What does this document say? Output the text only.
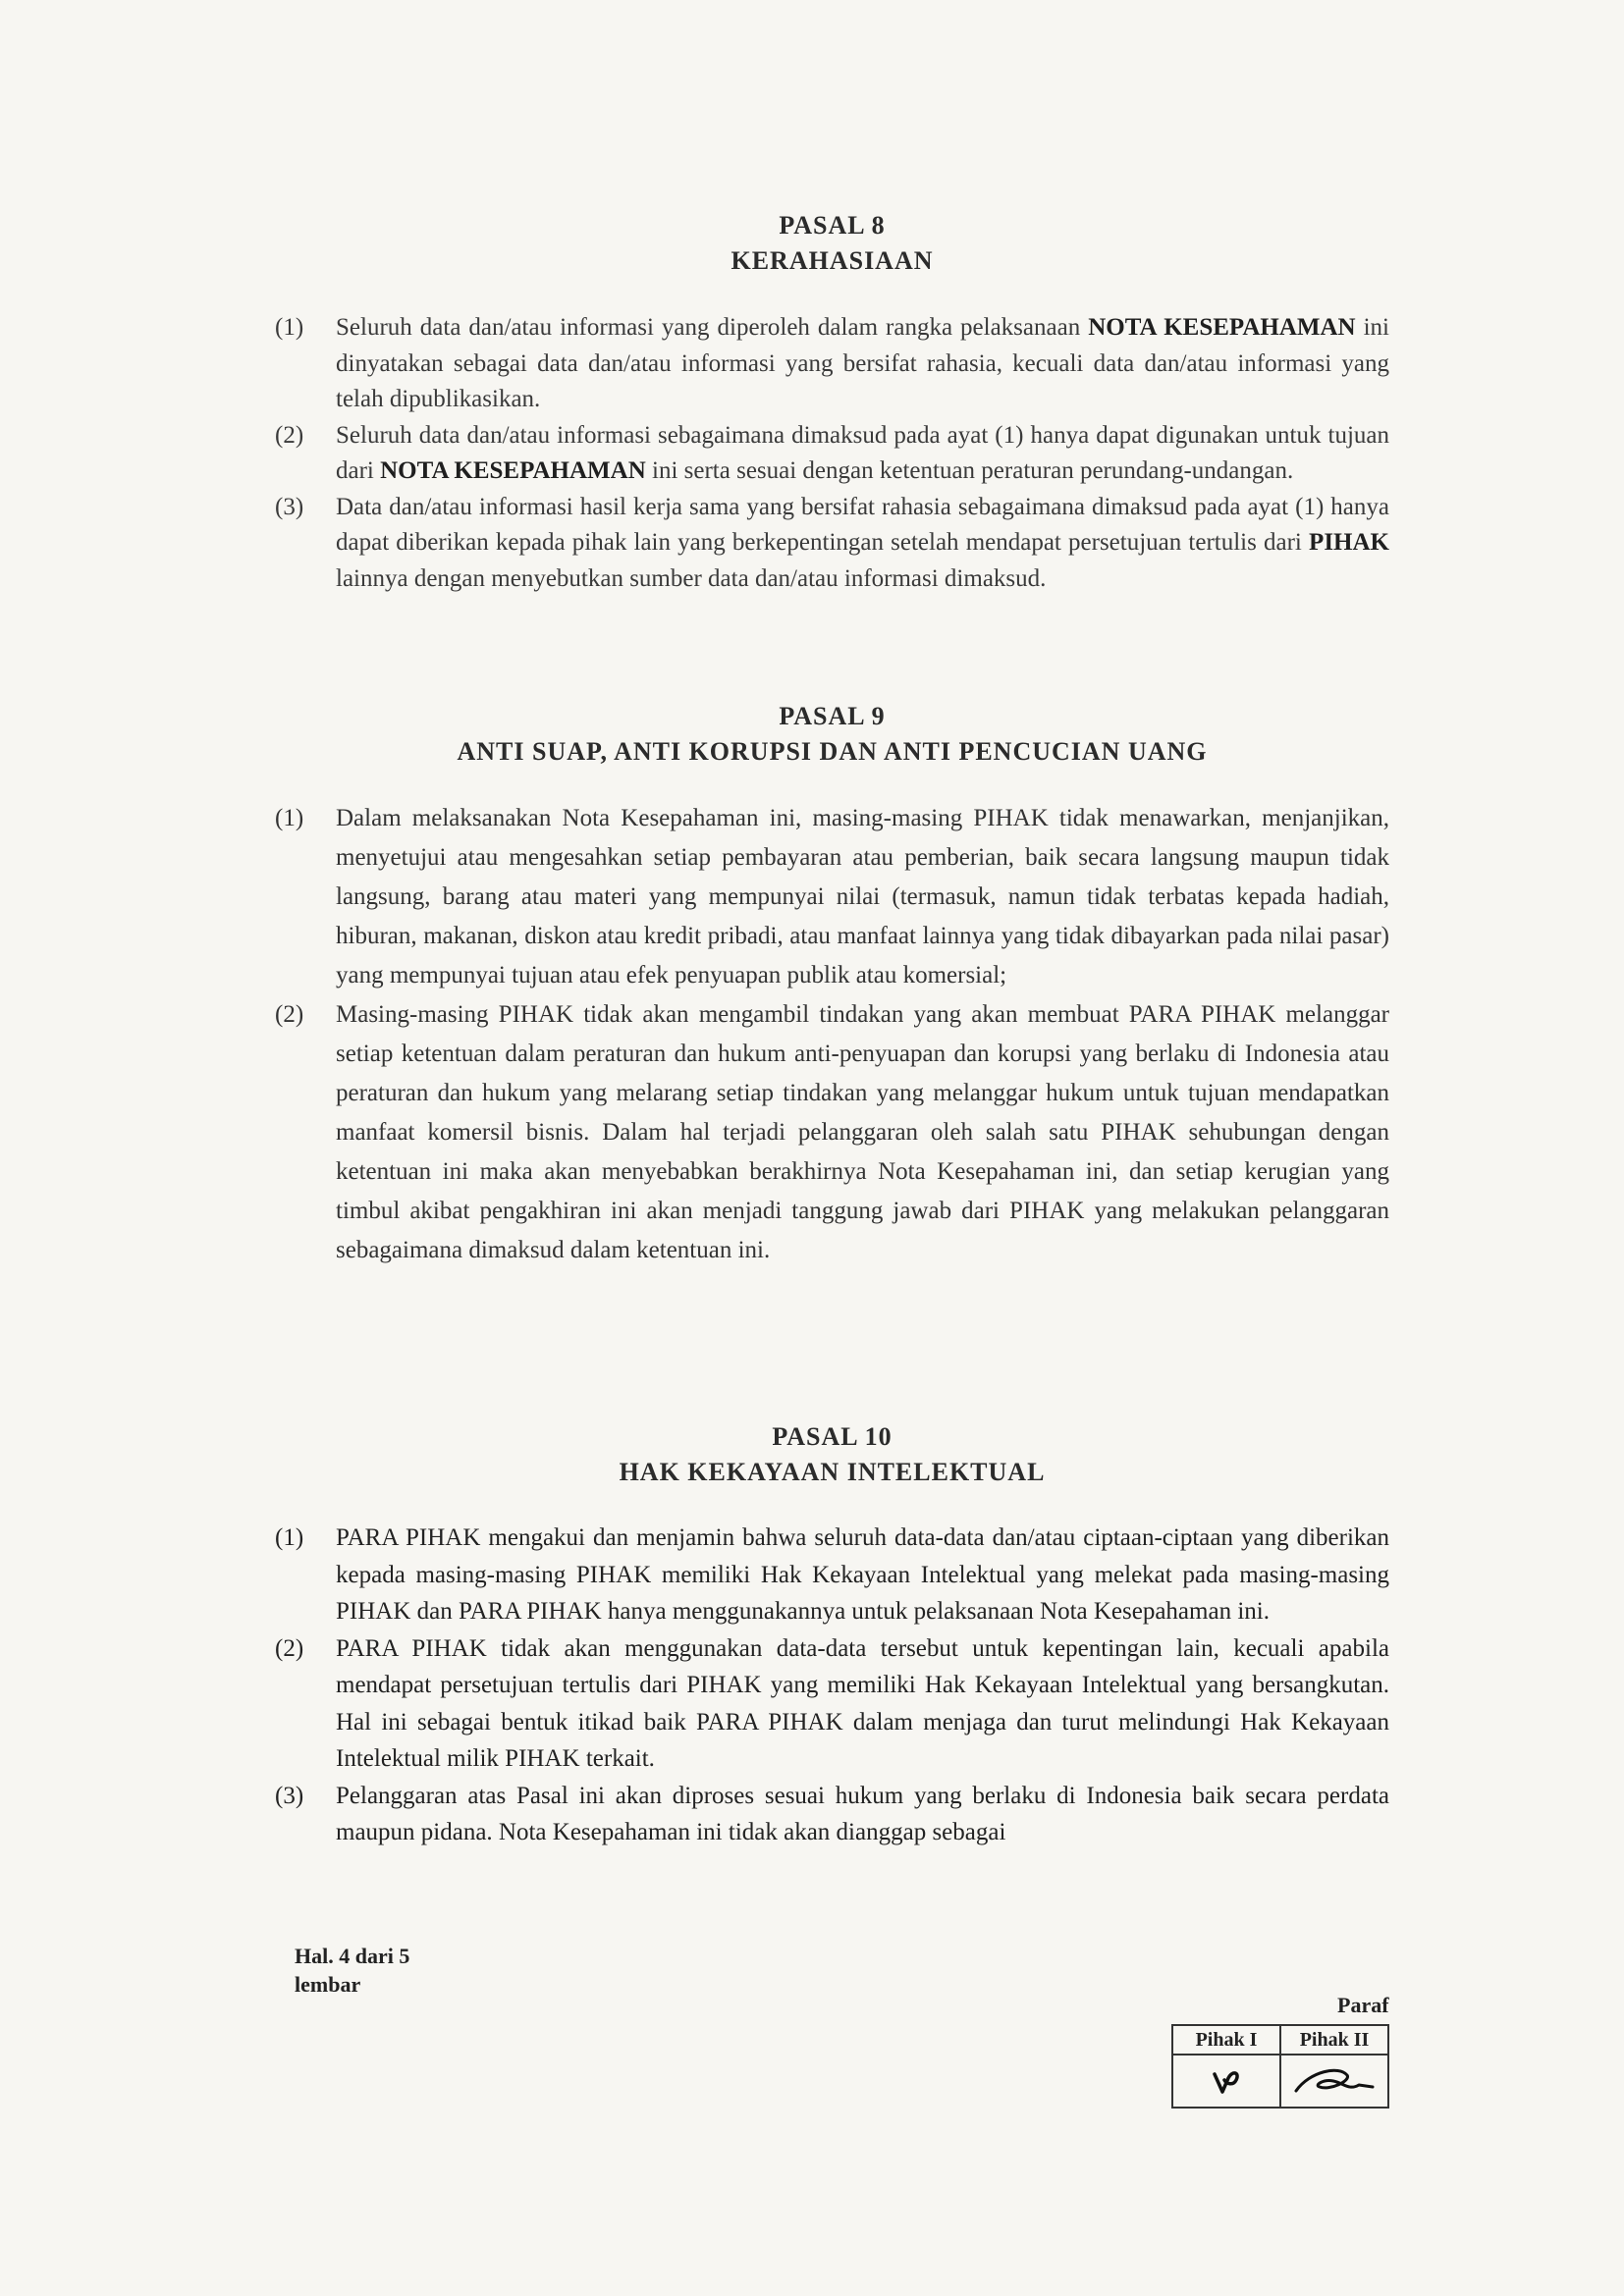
PASAL 8
KERAHASIAAN
(1) Seluruh data dan/atau informasi yang diperoleh dalam rangka pelaksanaan NOTA KESEPAHAMAN ini dinyatakan sebagai data dan/atau informasi yang bersifat rahasia, kecuali data dan/atau informasi yang telah dipublikasikan.
(2) Seluruh data dan/atau informasi sebagaimana dimaksud pada ayat (1) hanya dapat digunakan untuk tujuan dari NOTA KESEPAHAMAN ini serta sesuai dengan ketentuan peraturan perundang-undangan.
(3) Data dan/atau informasi hasil kerja sama yang bersifat rahasia sebagaimana dimaksud pada ayat (1) hanya dapat diberikan kepada pihak lain yang berkepentingan setelah mendapat persetujuan tertulis dari PIHAK lainnya dengan menyebutkan sumber data dan/atau informasi dimaksud.
PASAL 9
ANTI SUAP, ANTI KORUPSI DAN ANTI PENCUCIAN UANG
(1) Dalam melaksanakan Nota Kesepahaman ini, masing-masing PIHAK tidak menawarkan, menjanjikan, menyetujui atau mengesahkan setiap pembayaran atau pemberian, baik secara langsung maupun tidak langsung, barang atau materi yang mempunyai nilai (termasuk, namun tidak terbatas kepada hadiah, hiburan, makanan, diskon atau kredit pribadi, atau manfaat lainnya yang tidak dibayarkan pada nilai pasar) yang mempunyai tujuan atau efek penyuapan publik atau komersial;
(2) Masing-masing PIHAK tidak akan mengambil tindakan yang akan membuat PARA PIHAK melanggar setiap ketentuan dalam peraturan dan hukum anti-penyuapan dan korupsi yang berlaku di Indonesia atau peraturan dan hukum yang melarang setiap tindakan yang melanggar hukum untuk tujuan mendapatkan manfaat komersil bisnis. Dalam hal terjadi pelanggaran oleh salah satu PIHAK sehubungan dengan ketentuan ini maka akan menyebabkan berakhirnya Nota Kesepahaman ini, dan setiap kerugian yang timbul akibat pengakhiran ini akan menjadi tanggung jawab dari PIHAK yang melakukan pelanggaran sebagaimana dimaksud dalam ketentuan ini.
PASAL 10
HAK KEKAYAAN INTELEKTUAL
(1) PARA PIHAK mengakui dan menjamin bahwa seluruh data-data dan/atau ciptaan-ciptaan yang diberikan kepada masing-masing PIHAK memiliki Hak Kekayaan Intelektual yang melekat pada masing-masing PIHAK dan PARA PIHAK hanya menggunakannya untuk pelaksanaan Nota Kesepahaman ini.
(2) PARA PIHAK tidak akan menggunakan data-data tersebut untuk kepentingan lain, kecuali apabila mendapat persetujuan tertulis dari PIHAK yang memiliki Hak Kekayaan Intelektual yang bersangkutan. Hal ini sebagai bentuk itikad baik PARA PIHAK dalam menjaga dan turut melindungi Hak Kekayaan Intelektual milik PIHAK terkait.
(3) Pelanggaran atas Pasal ini akan diproses sesuai hukum yang berlaku di Indonesia baik secara perdata maupun pidana. Nota Kesepahaman ini tidak akan dianggap sebagai
Hal. 4 dari 5
lembar
Paraf
Pihak I	Pihak II
